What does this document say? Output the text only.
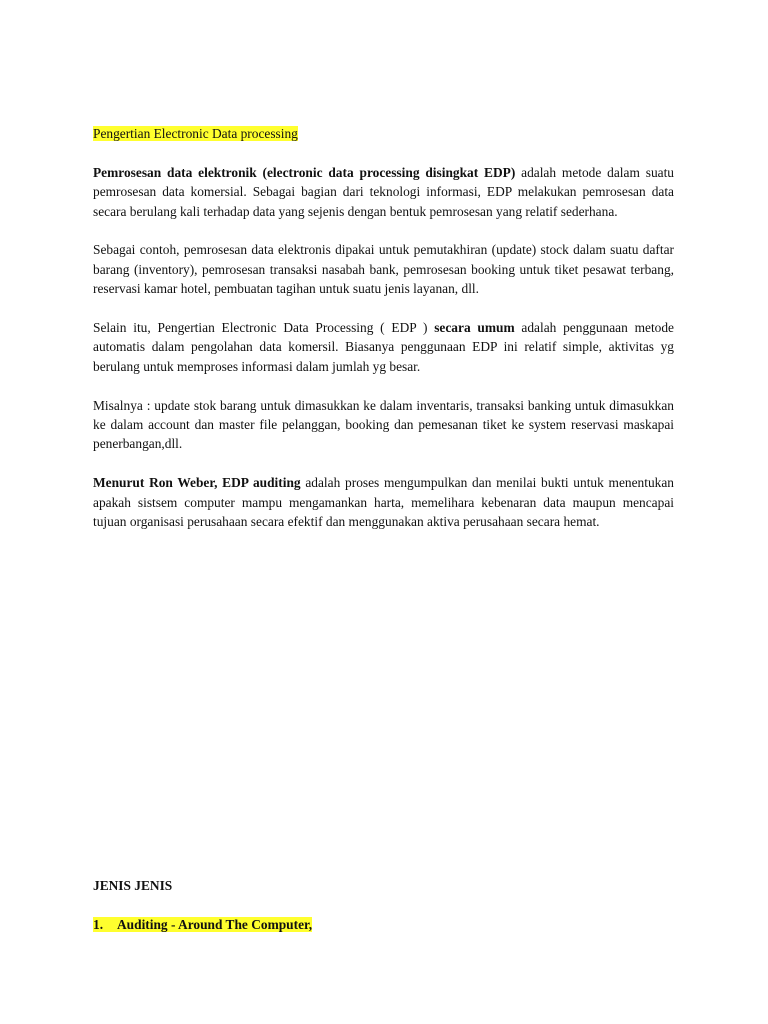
Pengertian Electronic Data processing

Pemrosesan data elektronik (electronic data processing disingkat EDP) adalah metode dalam suatu pemrosesan data komersial. Sebagai bagian dari teknologi informasi, EDP melakukan pemrosesan data secara berulang kali terhadap data yang sejenis dengan bentuk pemrosesan yang relatif sederhana.

Sebagai contoh, pemrosesan data elektronis dipakai untuk pemutakhiran (update) stock dalam suatu daftar barang (inventory), pemrosesan transaksi nasabah bank, pemrosesan booking untuk tiket pesawat terbang, reservasi kamar hotel, pembuatan tagihan untuk suatu jenis layanan, dll.

Selain itu, Pengertian Electronic Data Processing ( EDP ) secara umum adalah penggunaan metode automatis dalam pengolahan data komersil. Biasanya penggunaan EDP ini relatif simple, aktivitas yg berulang untuk memproses informasi dalam jumlah yg besar.

Misalnya : update stok barang untuk dimasukkan ke dalam inventaris, transaksi banking untuk dimasukkan ke dalam account dan master file pelanggan, booking dan pemesanan tiket ke system reservasi maskapai penerbangan,dll.

Menurut Ron Weber, EDP auditing adalah proses mengumpulkan dan menilai bukti untuk menentukan apakah sistsem computer mampu mengamankan harta, memelihara kebenaran data maupun mencapai tujuan organisasi perusahaan secara efektif dan menggunakan aktiva perusahaan secara hemat.

JENIS JENIS
1. Auditing - Around The Computer,
